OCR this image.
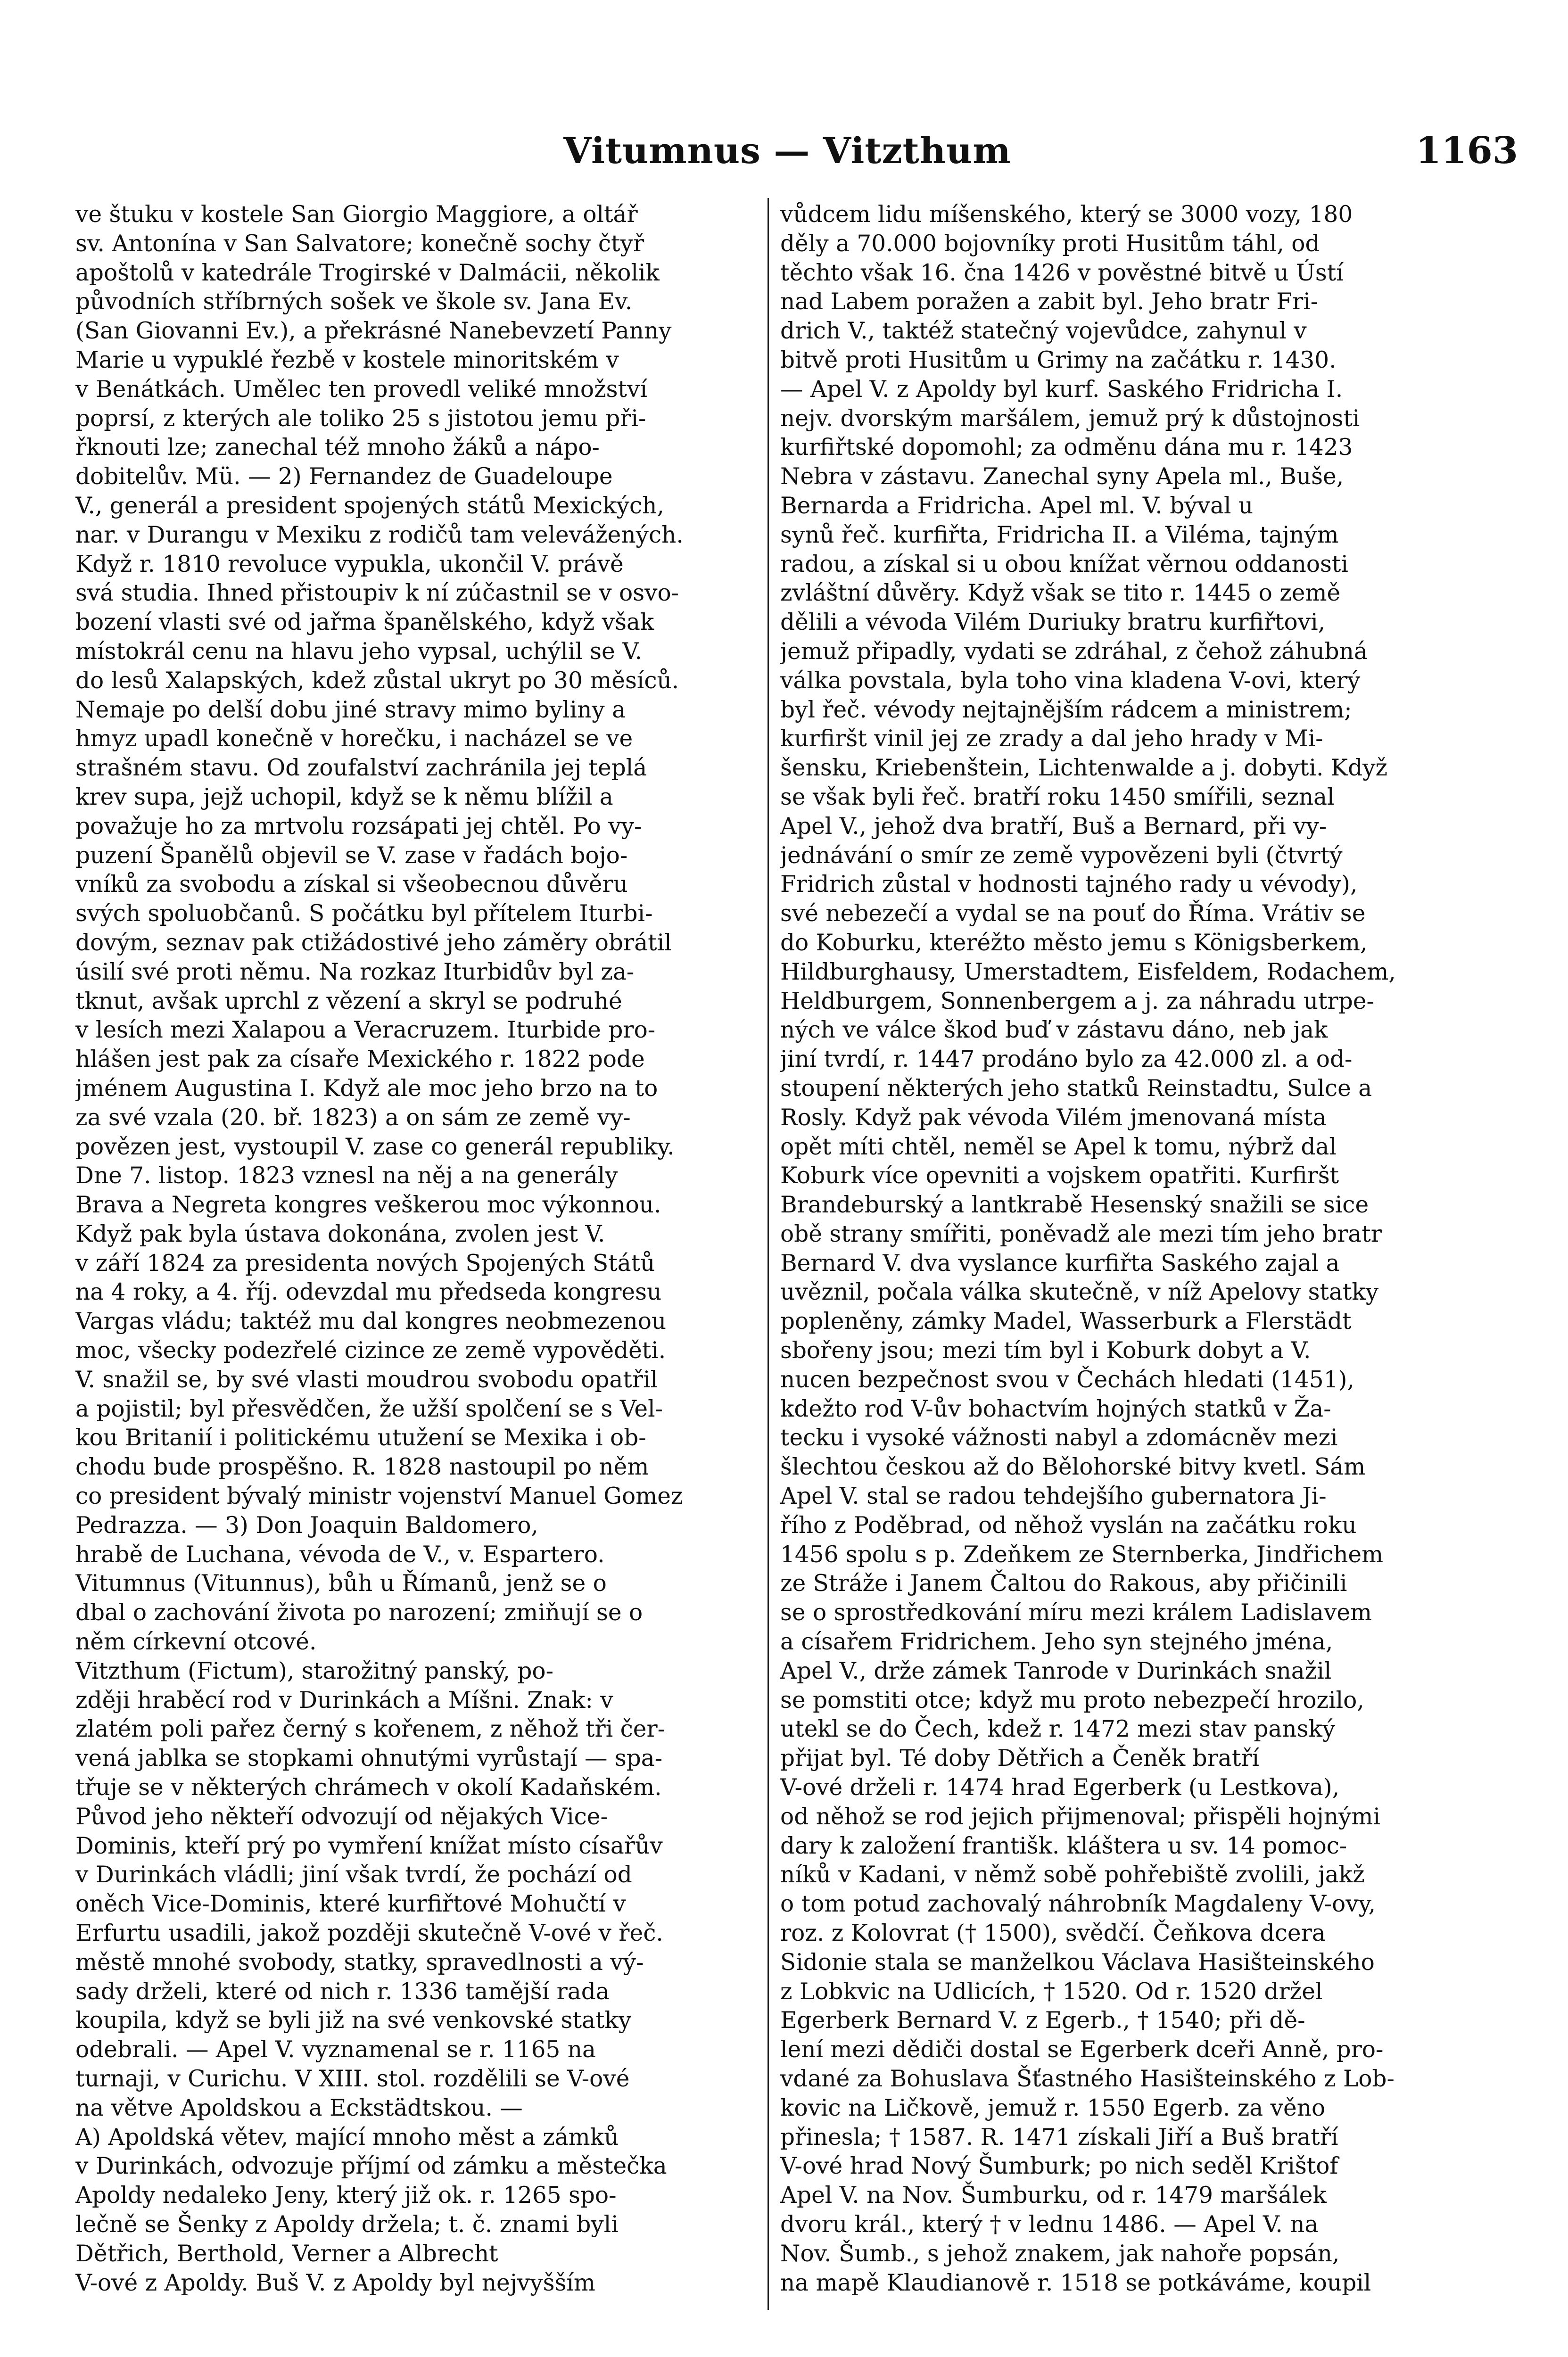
Vitumnus — Vitzthum	1163
ve štuku v kostele San Giorgio Maggiore, a oltář
sv. Antonína v San Salvatore; konečně sochy čtyř
apoštolů v katedrále Trogirské v Dalmácii, několik
původních stříbrných sošek ve škole sv. Jana Ev.
(San Giovanni Ev.), a překrásné Nanebevzetí Panny
Marie u vypuklé řezbě v kostele minoritském v
v Benátkách. Umělec ten provedl veliké množství
poprsí, z kterých ale toliko 25 s jistotou jemu při-
řknouti lze; zanechal též mnoho žáků a nápo-
dobitelův. Mü. — 2) Fernandez de Guadeloupe
V., generál a president spojených států Mexických,
nar. v Durangu v Mexiku z rodičů tam velevážených.
Když r. 1810 revoluce vypukla, ukončil V. právě
svá studia. Ihned přistoupiv k ní zúčastnil se v osvo-
bození vlasti své od jařma španělského, když však
místokrál cenu na hlavu jeho vypsal, uchýlil se V.
do lesů Xalapských, kdež zůstal ukryt po 30 měsíců.
Nemaje po delší dobu jiné stravy mimo byliny a
hmyz upadl konečně v horečku, i nacházel se ve
strašném stavu. Od zoufalství zachránila jej teplá
krev supa, jejž uchopil, když se k němu blížil a
považuje ho za mrtvolu rozsápati jej chtěl. Po vy-
puzení Španělů objevil se V. zase v řadách bojo-
vníků za svobodu a získal si všeobecnou důvěru
svých spoluobčanů. S počátku byl přítelem Iturbi-
dovým, seznav pak ctižádostivé jeho záměry obrátil
úsilí své proti němu. Na rozkaz Iturbidův byl za-
tknut, avšak uprchl z vězení a skryl se podruhé
v lesích mezi Xalapou a Veracruzem. Iturbide pro-
hlášen jest pak za císaře Mexického r. 1822 pode
jménem Augustina I. Když ale moc jeho brzo na to
za své vzala (20. bř. 1823) a on sám ze země vy-
povězen jest, vystoupil V. zase co generál republiky.
Dne 7. listop. 1823 vznesl na něj a na generály
Brava a Negreta kongres veškerou moc výkonnou.
Když pak byla ústava dokonána, zvolen jest V.
v září 1824 za presidenta nových Spojených Států
na 4 roky, a 4. říj. odevzdal mu předseda kongresu
Vargas vládu; taktéž mu dal kongres neobmezenou
moc, všecky podezřelé cizince ze země vypověděti.
V. snažil se, by své vlasti moudrou svobodu opatřil
a pojistil; byl přesvědčen, že užší spolčení se s Vel-
kou Britanií i politickému utužení se Mexika i ob-
chodu bude prospěšno. R. 1828 nastoupil po něm
co president bývalý ministr vojenství Manuel Gomez
Pedrazza. — 3) Don Joaquin Baldomero,
hrabě de Luchana, vévoda de V., v. Espartero.
Vitumnus (Vitunnus), bůh u Římanů, jenž se o
dbal o zachování života po narození; zmiňují se o
něm církevní otcové.
Vitzthum (Fictum), starožitný panský, po-
zději hraběcí rod v Durinkách a Míšni. Znak: v
zlatém poli pařez černý s kořenem, z něhož tři čer-
vená jablka se stopkami ohnutými vyrůstají — spa-
třuje se v některých chrámech v okolí Kadaňském.
Původ jeho někteří odvozují od nějakých Vice-
Dominis, kteří prý po vymření knížat místo císařův
v Durinkách vládli; jiní však tvrdí, že pochází od
oněch Vice-Dominis, které kurfiřtové Mohučtí v
Erfurtu usadili, jakož později skutečně V-ové v řeč.
městě mnohé svobody, statky, spravedlnosti a vý-
sady drželi, které od nich r. 1336 tamější rada
koupila, když se byli již na své venkovské statky
odebrali. — Apel V. vyznamenal se r. 1165 na
turnaji, v Curichu. V XIII. stol. rozdělili se V-ové
na větve Apoldskou a Eckstädtskou. —
A) Apoldská větev, mající mnoho měst a zámků
v Durinkách, odvozuje příjmí od zámku a městečka
Apoldy nedaleko Jeny, který již ok. r. 1265 spo-
lečně se Šenky z Apoldy držela; t. č. znami byli
Dětřich, Berthold, Verner a Albrecht
V-ové z Apoldy. Buš V. z Apoldy byl nejvyšším
vůdcem lidu míšenského, který se 3000 vozy, 180
děly a 70.000 bojovníky proti Husitům táhl, od
těchto však 16. čna 1426 v pověstné bitvě u Ústí
nad Labem poražen a zabit byl. Jeho bratr Fri-
drich V., taktéž statečný vojevůdce, zahynul v
bitvě proti Husitům u Grimy na začátku r. 1430.
— Apel V. z Apoldy byl kurf. Saského Fridricha I.
nejv. dvorským maršálem, jemuž prý k důstojnosti
kurfiřtské dopomohl; za odměnu dána mu r. 1423
Nebra v zástavu. Zanechal syny Apela ml., Buše,
Bernarda a Fridricha. Apel ml. V. býval u
synů řeč. kurfiřta, Fridricha II. a Viléma, tajným
radou, a získal si u obou knížat věrnou oddanosti
zvláštní důvěry. Když však se tito r. 1445 o země
dělili a vévoda Vilém Duriuky bratru kurfiřtovi,
jemuž připadly, vydati se zdráhal, z čehož záhubná
válka povstala, byla toho vina kladena V-ovi, který
byl řeč. vévody nejtajnějším rádcem a ministrem;
kurfiršt vinil jej ze zrady a dal jeho hrady v Mi-
šensku, Kriebenštein, Lichtenwalde a j. dobyti. Když
se však byli řeč. bratří roku 1450 smířili, seznal
Apel V., jehož dva bratří, Buš a Bernard, při vy-
jednávání o smír ze země vypovězeni byli (čtvrtý
Fridrich zůstal v hodnosti tajného rady u vévody),
své nebezečí a vydal se na pouť do Říma. Vrátiv se
do Koburku, kteréžto město jemu s Königsberkem,
Hildburghausy, Umerstadtem, Eisfeldem, Rodachem,
Heldburgem, Sonnenbergem a j. za náhradu utrpe-
ných ve válce škod buď v zástavu dáno, neb jak
jiní tvrdí, r. 1447 prodáno bylo za 42.000 zl. a od-
stoupení některých jeho statků Reinstadtu, Sulce a
Rosly. Když pak vévoda Vilém jmenovaná místa
opět míti chtěl, neměl se Apel k tomu, nýbrž dal
Koburk více opevniti a vojskem opatřiti. Kurfiršt
Brandeburský a lantkrabě Hesenský snažili se sice
obě strany smířiti, poněvadž ale mezi tím jeho bratr
Bernard V. dva vyslance kurfiřta Saského zajal a
uvěznil, počala válka skutečně, v níž Apelovy statky
popleněny, zámky Madel, Wasserburk a Flerstädt
sbořeny jsou; mezi tím byl i Koburk dobyt a V.
nucen bezpečnost svou v Čechách hledati (1451),
kdežto rod V-ův bohactvím hojných statků v Ža-
tecku i vysoké vážnosti nabyl a zdomácněv mezi
šlechtou českou až do Bělohorské bitvy kvetl. Sám
Apel V. stal se radou tehdejšího gubernatora Ji-
řího z Poděbrad, od něhož vyslán na začátku roku
1456 spolu s p. Zdeňkem ze Sternberka, Jindřichem
ze Stráže i Janem Čaltou do Rakous, aby přičinili
se o sprostředkování míru mezi králem Ladislavem
a císařem Fridrichem. Jeho syn stejného jména,
Apel V., drže zámek Tanrode v Durinkách snažil
se pomstiti otce; když mu proto nebezpečí hrozilo,
utekl se do Čech, kdež r. 1472 mezi stav panský
přijat byl. Té doby Dětřich a Čeněk bratří
V-ové drželi r. 1474 hrad Egerberk (u Lestkova),
od něhož se rod jejich přijmenoval; přispěli hojnými
dary k založení františk. kláštera u sv. 14 pomoc-
níků v Kadani, v němž sobě pohřebiště zvolili, jakž
o tom potud zachovalý náhrobník Magdaleny V-ovy,
roz. z Kolovrat († 1500), svědčí. Čeňkova dcera
Sidonie stala se manželkou Václava Hasišteinského
z Lobkvic na Udlicích, † 1520. Od r. 1520 držel
Egerberk Bernard V. z Egerb., † 1540; při dě-
lení mezi dědiči dostal se Egerberk dceři Anně, pro-
vdané za Bohuslava Šťastného Hasišteinského z Lob-
kovic na Ličkově, jemuž r. 1550 Egerb. za věno
přinesla; † 1587. R. 1471 získali Jiří a Buš bratří
V-ové hrad Nový Šumburk; po nich seděl Krištof
Apel V. na Nov. Šumburku, od r. 1479 maršálek
dvoru král., který † v lednu 1486. — Apel V. na
Nov. Šumb., s jehož znakem, jak nahoře popsán,
na mapě Klaudianově r. 1518 se potkáváme, koupil
